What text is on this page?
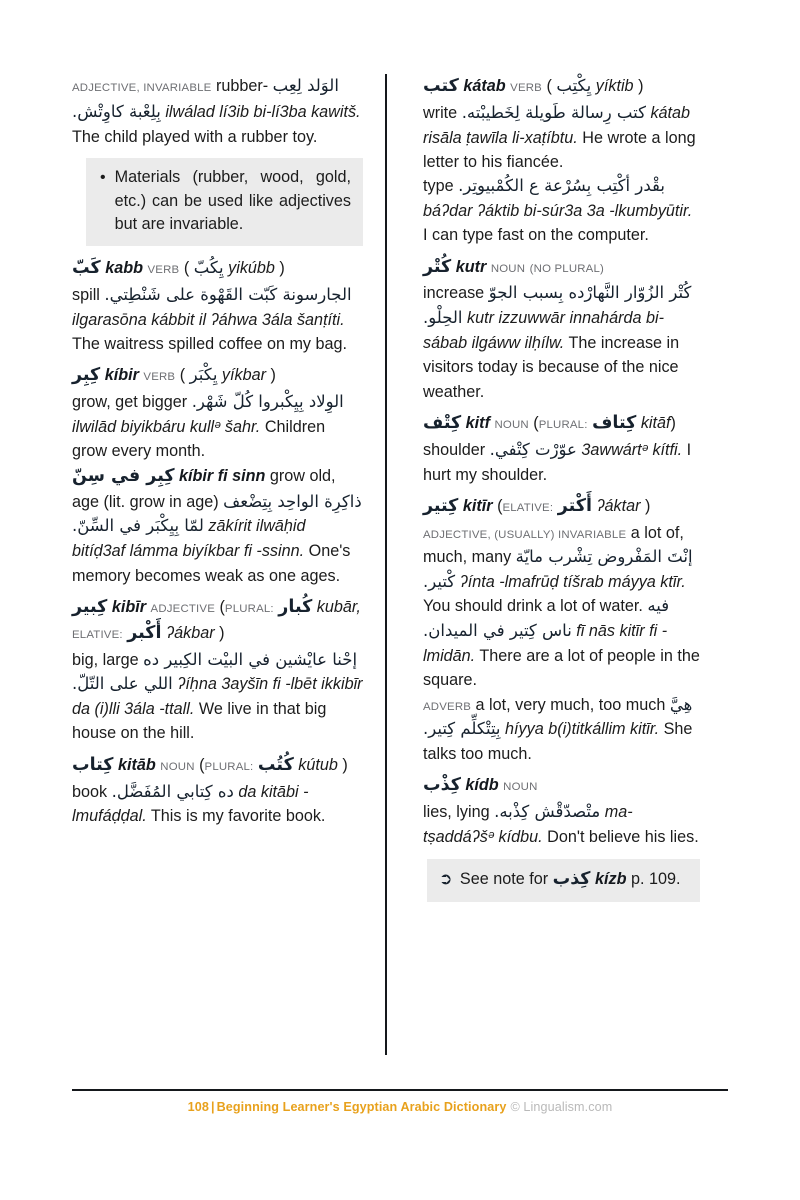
ADJECTIVE, INVARIABLE rubber- الوَلد لِعِب

بِلِعْبة كاوِتْش. ilwálad lí3ib bi-lí3ba kawitš. The child played with a rubber toy.

• Materials (rubber, wood, gold, etc.) can be used like adjectives but are invariable.

كَبّ kabb VERB ( يِكُبّ yikúbb )

spill الجارسونة كَبّت القَهْوة على شَنْطِتي. ilgarasōna kábbit il ʔáhwa 3ála šanṭíti. The waitress spilled coffee on my bag.

كِبِر kíbir VERB ( يِكْبَر yíkbar )

grow, get bigger الوِلاد بِيِكْبروا كُلّ شَهْر. ilwilād biyikbáru kullᵊ šahr. Children grow every month.

كِبِر في سِنّ kíbir fi sinn grow old, age (lit. grow in age) ذاكِرِة الواحِد بِتِضْعف لمّا بِيِكْبَر في السِّنّ. zākírit ilwāḥid bitíḍ3af lámma biyíkbar fi -ssinn. One's memory becomes weak as one ages.

كِبير kibīr ADJECTIVE (PLURAL: كُبار kubār, ELATIVE: أَكْبر ʔákbar )

big, large إحْنا عايْشين في البيْت الكِبير ده اللي على التّلّ. ʔíḥna 3ayšīn fi -lbēt ikkibīr da (i)lli 3ála -ttall. We live in that big house on the hill.

كِتاب kitāb NOUN (PLURAL: كُتُب kútub )

book ده كِتابي المُفَضَّل. da kitābi -lmufáḍḍal. This is my favorite book.

كتب kátab VERB ( يِكْتِب yíktib )

write كتب رِسالة طَويلة لِخَطيبْته. kátab risāla ṭawīla li-xaṭíbtu. He wrote a long letter to his fiancée.

type بقْدر أكْتِب بِسُرْعة ع الكُمْبيوتِر. báʔdar ʔáktib bi-súr3a 3a -lkumbyūtir. I can type fast on the computer.

كُتْر kutr NOUN (NO PLURAL)

increase كُتْر الزُوّار النَّهارْده بِسبب الجوّ الحِلْو. kutr izzuwwār innahárda bi-sábab ilgáww ilḥílw. The increase in visitors today is because of the nice weather.

كِتْف kitf NOUN (PLURAL: كِتاف kitāf)

shoulder عوّرْت كِتْفي. 3awwártᵊ kítfi. I hurt my shoulder.

كِتير kitīr (ELATIVE: أَكْتر ʔáktar )

ADJECTIVE, (USUALLY) INVARIABLE a lot of, much, many إنْتَ المَفْروض تِشْرب مايّة كْتير. ʔínta -lmafrūḍ tíšrab máyya ktīr. You should drink a lot of water. فيه ناس كِتير في الميدان. fī nās kitīr fi -lmidān. There are a lot of people in the square.

ADVERB a lot, very much, too much هِيَّ بِتِتْكلِّم كِتير. híyya b(i)titkállim kitīr. She talks too much.

كِذْب kídb NOUN

lies, lying متْصدّقْش كِذْبه. ma-tṣaddáʔšᵊ kídbu. Don't believe his lies.

➲ See note for كِذب kízb p. 109.
108 | Beginning Learner's Egyptian Arabic Dictionary © Lingualism.com
